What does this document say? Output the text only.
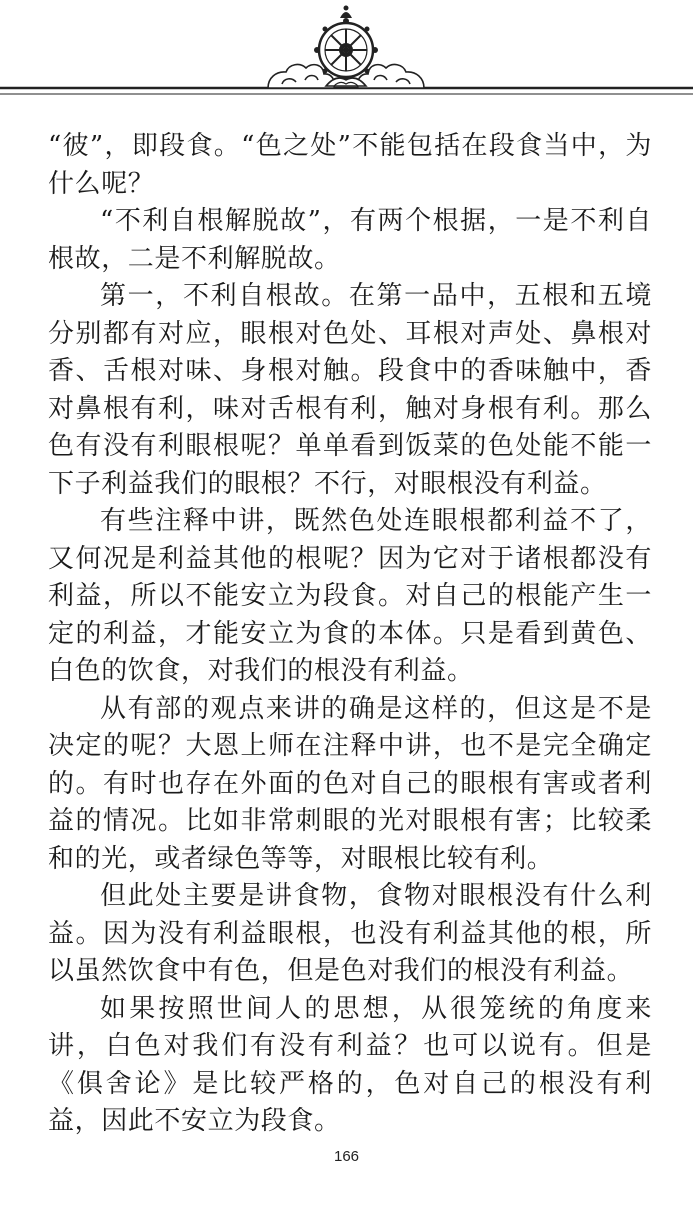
“彼”，即段食。“色之处”不能包括在段食当中，为什么呢？

“不利自根解脱故”，有两个根据，一是不利自根故，二是不利解脱故。

第一，不利自根故。在第一品中，五根和五境分别都有对应，眼根对色处、耳根对声处、鼻根对香、舌根对味、身根对触。段食中的香味触中，香对鼻根有利，味对舌根有利，触对身根有利。那么色有没有利眼根呢？单单看到饭菜的色处能不能一下子利益我们的眼根？不行，对眼根没有利益。

有些注释中讲，既然色处连眼根都利益不了，又何况是利益其他的根呢？因为它对于诸根都没有利益，所以不能安立为段食。对自己的根能产生一定的利益，才能安立为食的本体。只是看到黄色、白色的饮食，对我们的根没有利益。

从有部的观点来讲的确是这样的，但这是不是决定的呢？大恩上师在注释中讲，也不是完全确定的。有时也存在外面的色对自己的眼根有害或者利益的情况。比如非常刺眼的光对眼根有害；比较柔和的光，或者绿色等等，对眼根比较有利。

但此处主要是讲食物，食物对眼根没有什么利益。因为没有利益眼根，也没有利益其他的根，所以虽然饮食中有色，但是色对我们的根没有利益。

如果按照世间人的思想，从很笼统的角度来讲，白色对我们有没有利益？也可以说有。但是《俱舍论》是比较严格的，色对自己的根没有利益，因此不安立为段食。

166
